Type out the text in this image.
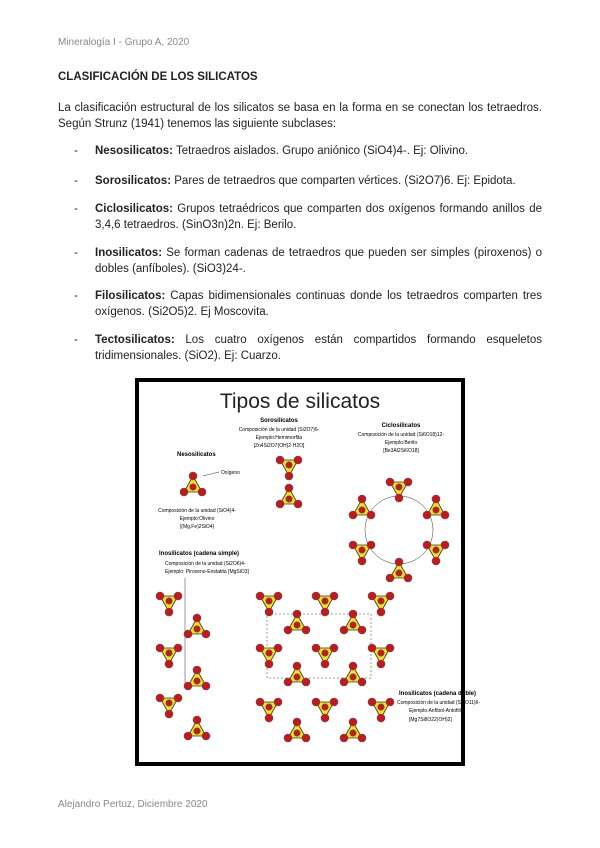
Mineralogía I - Grupo A, 2020
CLASIFICACIÓN DE LOS SILICATOS
La clasificación estructural de los silicatos se basa en la forma en se conectan los tetraedros. Según Strunz (1941) tenemos las siguiente subclases:
- Nesosilicatos: Tetraedros aislados. Grupo aniónico (SiO4)4-. Ej: Olivino.
- Sorosilicatos: Pares de tetraedros que comparten vértices. (Si2O7)6. Ej: Epidota.
- Ciclosilicatos: Grupos tetraédricos que comparten dos oxígenos formando anillos de 3,4,6 tetraedros. (SinO3n)2n. Ej: Berilo.
- Inosilicatos: Se forman cadenas de tetraedros que pueden ser simples (piroxenos) o dobles (anfíboles). (SiO3)24-.
- Filosilicatos: Capas bidimensionales continuas donde los tetraedros comparten tres oxígenos. (Si2O5)2. Ej Moscovita.
- Tectosilicatos: Los cuatro oxígenos están compartidos formando esqueletos tridimensionales. (SiO2). Ej: Cuarzo.
Tipos de silicatos
Sorosilicatos
Composición de la unidad (Si2O7)6-
Ejemplo:Hemimorfita
[Zn4Si2O7(OH)2·H2O]
Ciclosilicatos
Composición de la unidad (Si6O18)12-
Ejemplo:Berilo
[Be3Al2Si6O18]
Nesosilicatos
Oxígeno
Composición de la unidad (SiO4)4-
Ejemplo:Olivino
((Mg,Fe)2SiO4)
Inosilicatos (cadena simple)
Composición de la unidad (Si2O6)4-
Ejemplo: Piroxeno-Enstatita [MgSiO3]
Inosilicatos (cadena doble)
Composición de la unidad (Si4O11)6-
Ejemplo:Anfíbol-Antofilita
[Mg7Si8O22(OH)2]
Alejandro Pertuz, Diciembre 2020
